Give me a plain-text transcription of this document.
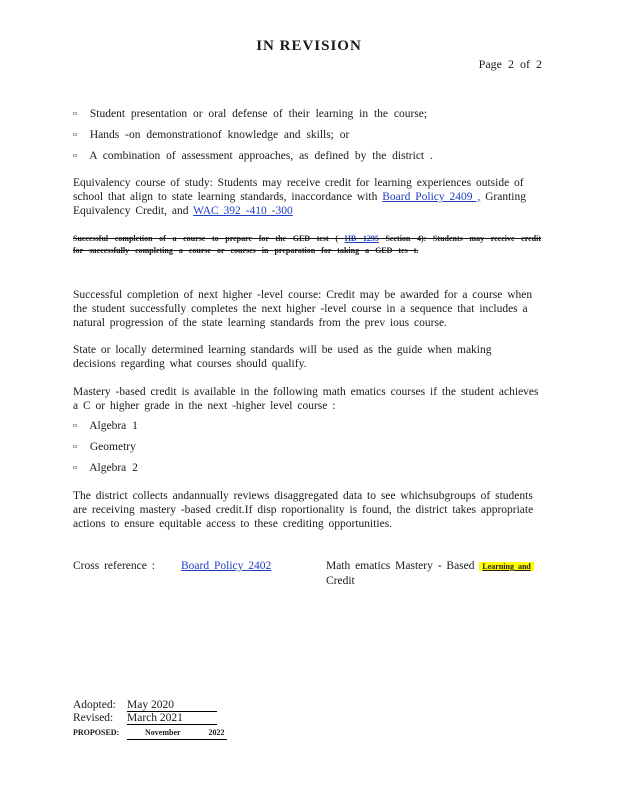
IN REVISION
Page 2 of 2
▫ Student presentation or oral defense of their learning in the course;
▫ Hands -on demonstrationof knowledge and skills; or
▫ A combination of assessment approaches, as defined by the district .
Equivalency course of study: Students may receive credit for learning experiences outside of school that align to state learning standards, inaccordance with Board Policy 2409 , Granting Equivalency Credit, and WAC 392 -410 -300
Successful completion of a course to prepare for the GED test ( HB 1295 Section 4): Students may receive credit for successfully completing a course or courses in preparation for taking a GED tes t.
Successful completion of next higher -level course: Credit may be awarded for a course when the student successfully completes the next higher -level course in a sequence that includes a natural progression of the state learning standards from the prev ious course.
State or locally determined learning standards will be used as the guide when making decisions regarding what courses should qualify.
Mastery -based credit is available in the following math ematics courses if the student achieves a C or higher grade in the next -higher level course :
▫ Algebra 1
▫ Geometry
▫ Algebra 2
The district collects andannually reviews disaggregated data to see whichsubgroups of students are receiving mastery -based credit.If disp roportionality is found, the district takes appropriate actions to ensure equitable access to these crediting opportunities.
Cross reference :	Board Policy 2402	Math ematics Mastery - Based Learning and
Credit
Adopted: May 2020
Revised: March 2021
PROPOSED:	November	2022
